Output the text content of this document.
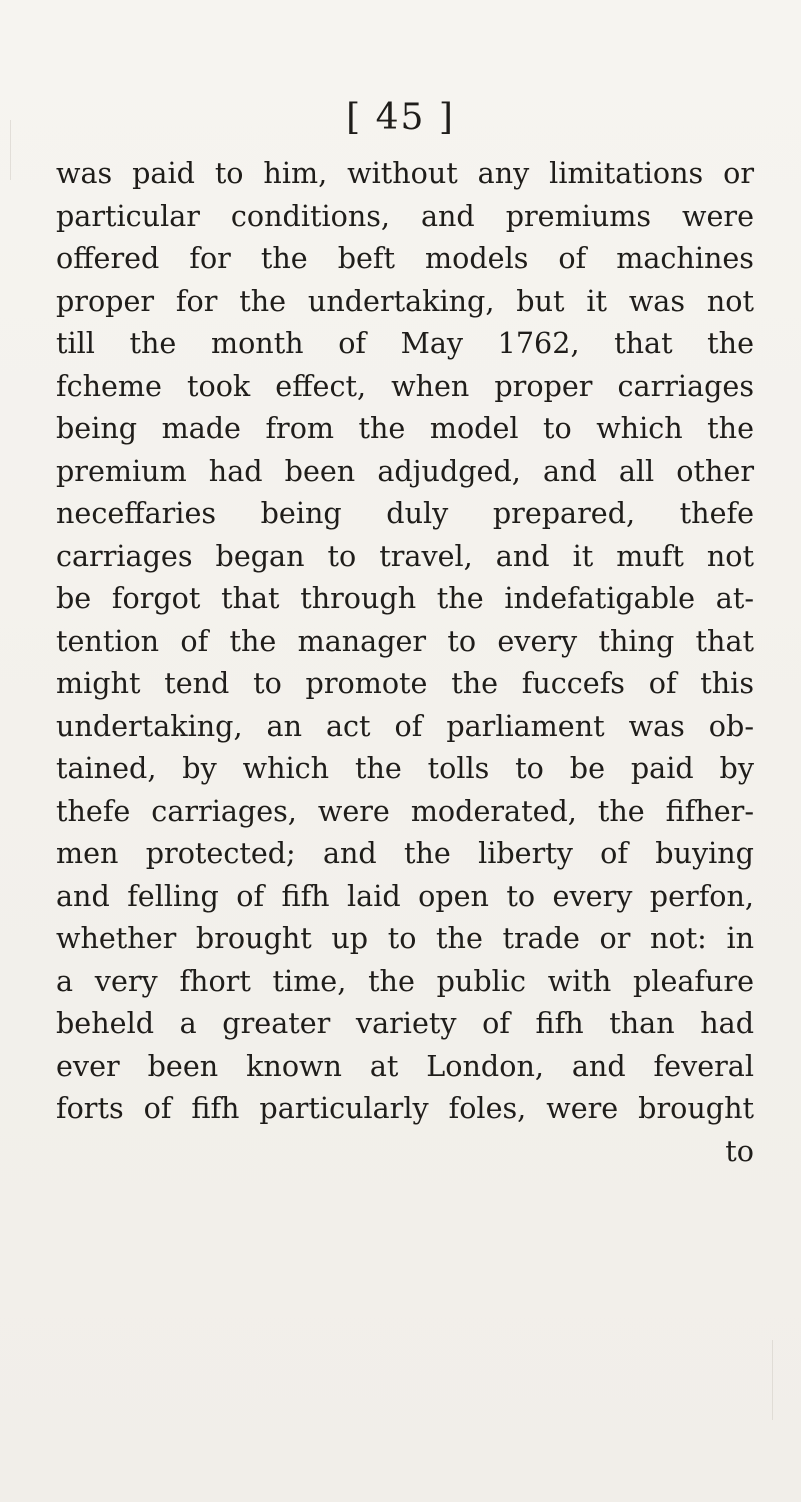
[ 45 ]
was paid to him, without any limitations or
particular conditions, and premiums were
offered for the beft models of machines
proper for the undertaking, but it was not
till the month of May 1762, that the
fcheme took effect, when proper carriages
being made from the model to which the
premium had been adjudged, and all other
neceffaries being duly prepared, thefe
carriages began to travel, and it muft not
be forgot that through the indefatigable at-
tention of the manager to every thing that
might tend to promote the fuccefs of this
undertaking, an act of parliament was ob-
tained, by which the tolls to be paid by
thefe carriages, were moderated, the fifher-
men protected; and the liberty of buying
and felling of fifh laid open to every perfon,
whether brought up to the trade or not: in
a very fhort time, the public with pleafure
beheld a greater variety of fifh than had
ever been known at London, and feveral
forts of fifh particularly foles, were brought
to
